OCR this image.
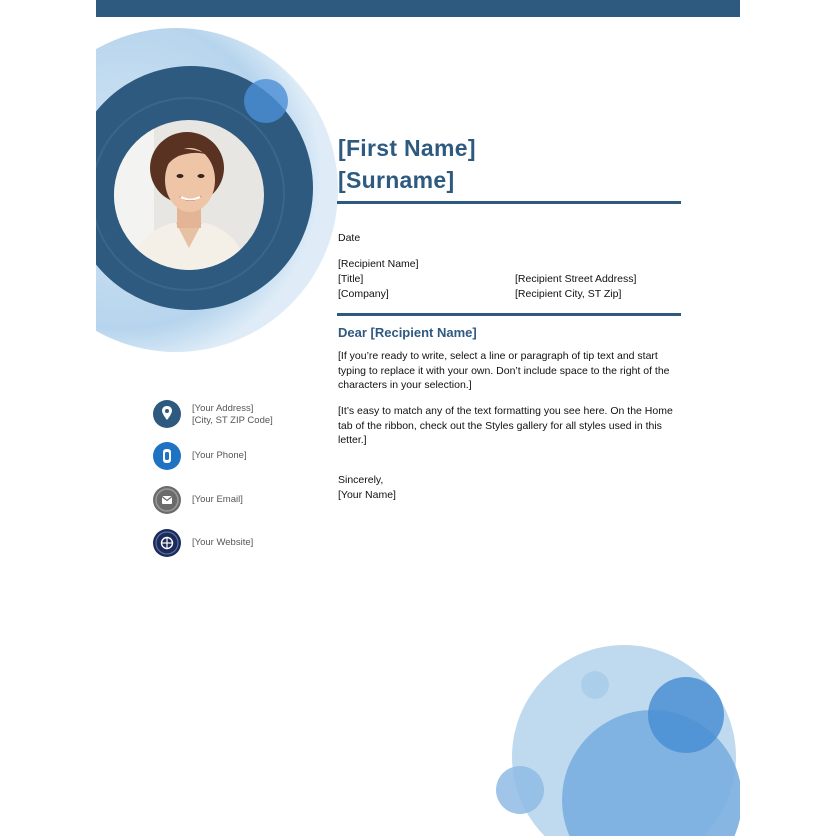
[First Name]
[Surname]
Date
[Recipient Name]
[Title]
[Company]
[Recipient Street Address]
[Recipient City, ST Zip]
Dear [Recipient Name]
[If you’re ready to write, select a line or paragraph of tip text and start typing to replace it with your own. Don’t include space to the right of the characters in your selection.]
[It’s easy to match any of the text formatting you see here. On the Home tab of the ribbon, check out the Styles gallery for all styles used in this letter.]
Sincerely,
[Your Name]
[Your Address]
[City, ST ZIP Code]
[Your Phone]
[Your Email]
[Your Website]
